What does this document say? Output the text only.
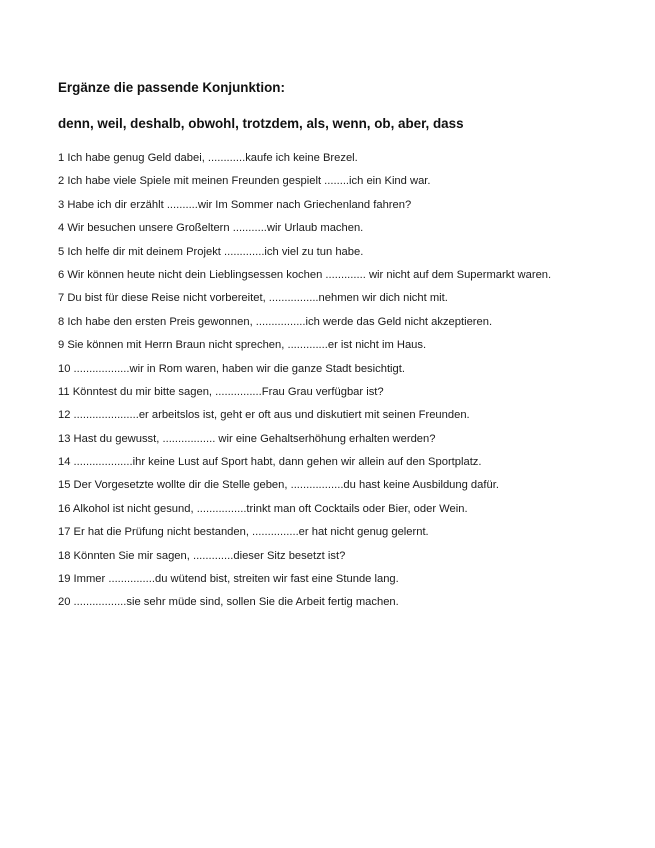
Ergänze die passende Konjunktion:
denn, weil, deshalb, obwohl, trotzdem, als, wenn, ob, aber, dass
1 Ich habe genug Geld dabei, ............kaufe ich keine Brezel.
2 Ich habe viele Spiele mit meinen Freunden gespielt ........ich ein Kind war.
3 Habe ich dir erzählt ..........wir Im Sommer nach Griechenland fahren?
4 Wir besuchen unsere Großeltern ...........wir Urlaub machen.
5 Ich helfe dir mit deinem Projekt .............ich viel zu tun habe.
6 Wir können heute nicht dein Lieblingsessen kochen ............. wir nicht auf dem Supermarkt waren.
7 Du bist für diese Reise nicht vorbereitet, ................nehmen wir dich nicht mit.
8 Ich habe den ersten Preis gewonnen, ................ich werde das Geld nicht akzeptieren.
9 Sie können mit Herrn Braun nicht sprechen, .............er ist nicht im Haus.
10 ..................wir in Rom waren, haben wir die ganze Stadt besichtigt.
11 Könntest du mir bitte sagen, ...............Frau Grau verfügbar ist?
12 .....................er arbeitslos ist, geht er oft aus und diskutiert mit seinen Freunden.
13 Hast du gewusst, ................. wir eine Gehaltserhöhung erhalten werden?
14 ...................ihr keine Lust auf Sport habt, dann gehen wir allein auf den Sportplatz.
15 Der Vorgesetzte wollte dir die Stelle geben, .................du hast keine Ausbildung dafür.
16 Alkohol ist nicht gesund, ................trinkt man oft Cocktails oder Bier, oder Wein.
17 Er hat die Prüfung nicht bestanden, ...............er hat nicht genug gelernt.
18 Könnten Sie mir sagen, .............dieser Sitz besetzt ist?
19 Immer ...............du wütend bist, streiten wir fast eine Stunde lang.
20 .................sie sehr müde sind, sollen Sie die Arbeit fertig machen.
